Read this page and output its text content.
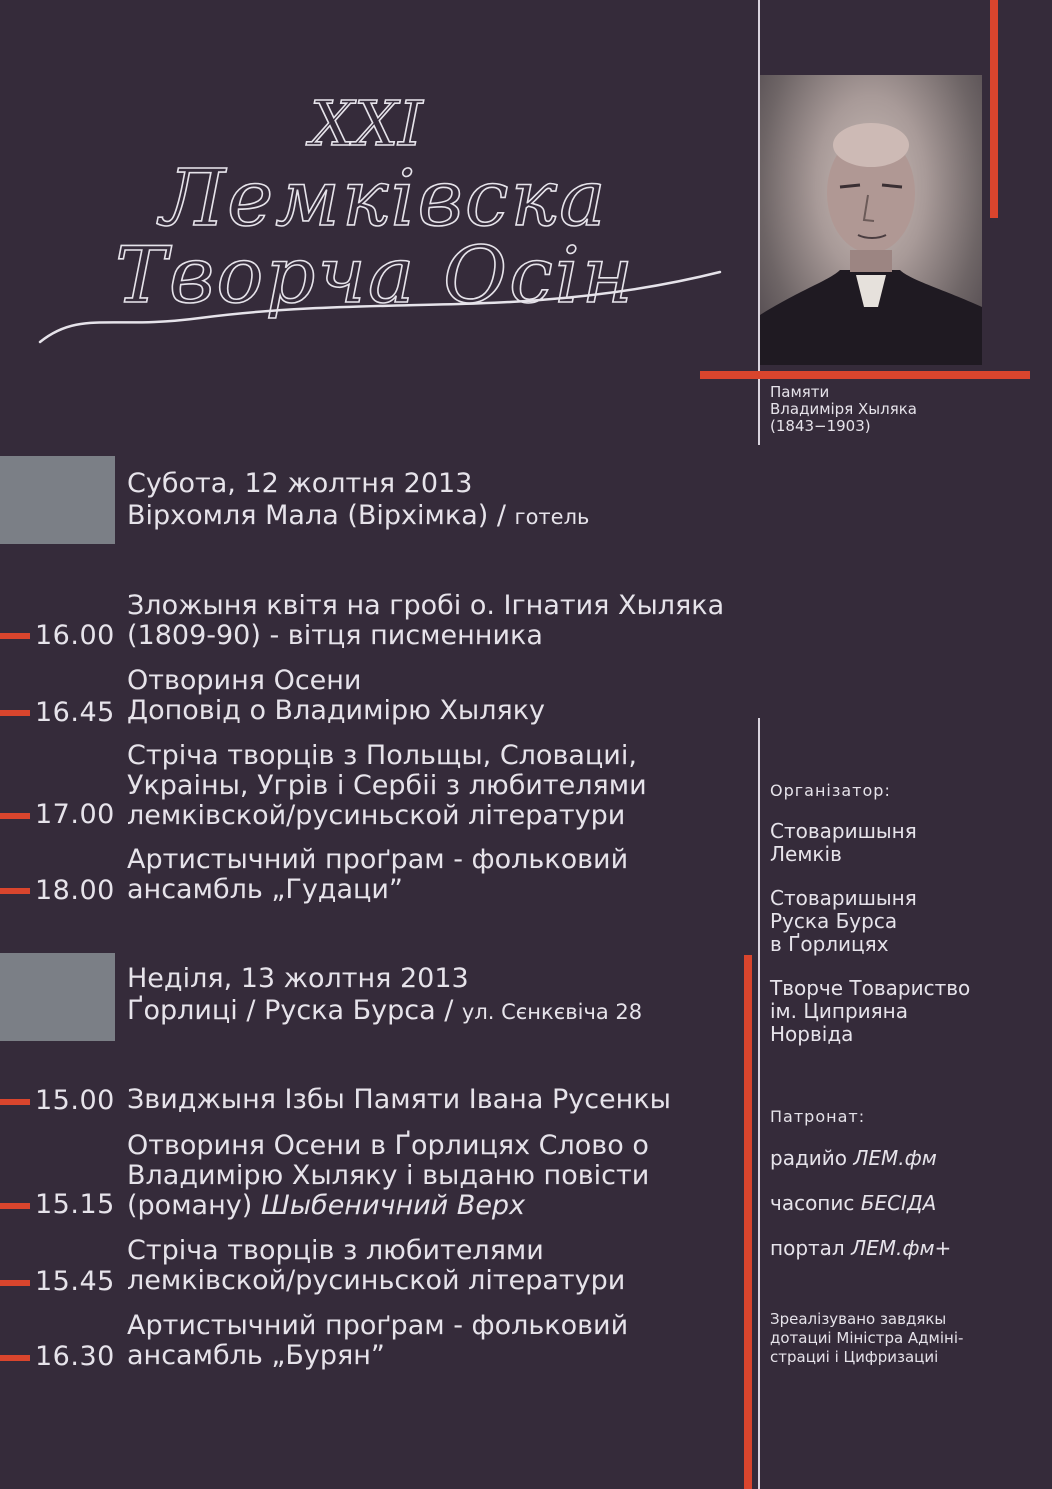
XXI
Лемківска
Творча Осін
Памяти
Владиміря Хыляка
(1843−1903)
Субота, 12 жолтня 2013
Вірхомля Мала (Вірхімка) / готель
16.00
Зложыня квітя на гробі о. Ігнатия Хыляка
(1809-90) - вітця писменника
16.45
Отвориня Осени
Доповід о Владимірю Хыляку
17.00
Стріча творців з Польщы, Словациі,
Украіны, Угрів і Сербіі з любителями
лемківской/русиньской літератури
18.00
Артистычний проґрам - фольковий
ансамбль „Гудаци”
Неділя, 13 жолтня 2013
Ґорлиці / Руска Бурса / ул. Сєнкєвіча 28
15.00 Звиджыня Ізбы Памяти Івана Русенкы
15.15
Отвориня Осени в Ґорлицях Слово о
Владимірю Хыляку і выданю повісти
(роману) Шыбеничний Верх
15.45
Стріча творців з любителями
лемківской/русиньской літератури
16.30
Артистычний проґрам - фольковий
ансамбль „Бурян”
Організатор:
Стоваришыня
Лемків
Стоваришыня
Руска Бурса
в Ґорлицях
Творче Товариство
ім. Циприяна
Норвіда
Патронат:
радийо ЛЕМ.фм
часопис БЕСІДА
портал ЛЕМ.фм+
Зреалізувано завдякы
дотациі Міністра Адміні-
страциі і Цифризациі
